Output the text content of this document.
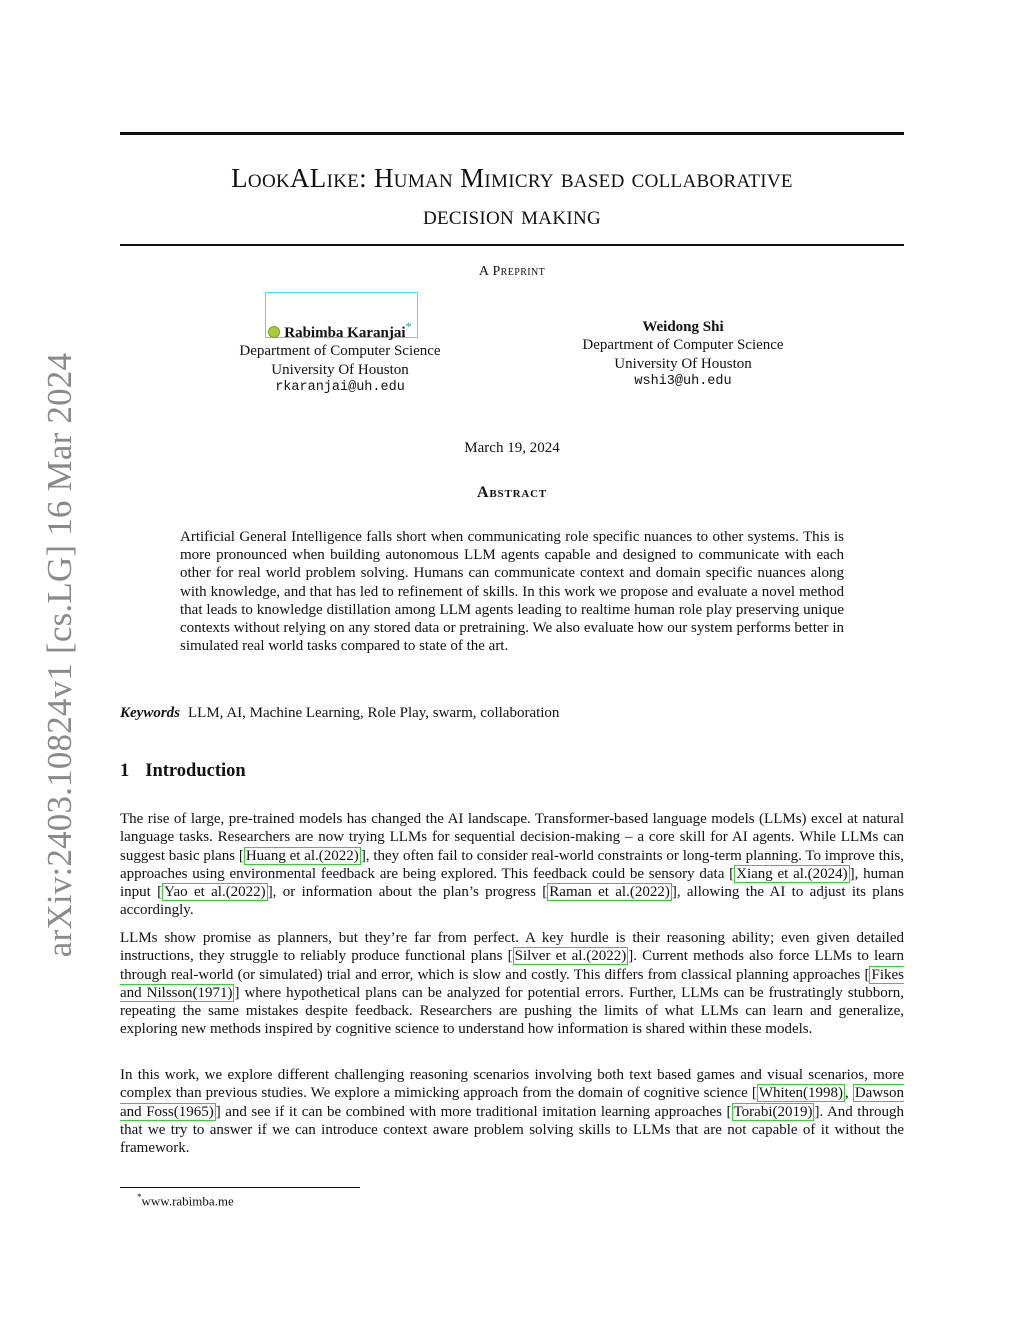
arXiv:2403.10824v1 [cs.LG] 16 Mar 2024
LookALike: Human Mimicry based collaborative
decision making
A Preprint
Rabimba Karanjai*
Department of Computer Science
University Of Houston
rkaranjai@uh.edu
Weidong Shi
Department of Computer Science
University Of Houston
wshi3@uh.edu
March 19, 2024
Abstract
Artificial General Intelligence falls short when communicating role specific nuances to other systems. This is more pronounced when building autonomous LLM agents capable and designed to communicate with each other for real world problem solving. Humans can communicate context and domain specific nuances along with knowledge, and that has led to refinement of skills. In this work we propose and evaluate a novel method that leads to knowledge distillation among LLM agents leading to realtime human role play preserving unique contexts without relying on any stored data or pretraining. We also evaluate how our system performs better in simulated real world tasks compared to state of the art.
Keywords LLM, AI, Machine Learning, Role Play, swarm, collaboration
1 Introduction
The rise of large, pre-trained models has changed the AI landscape. Transformer-based language models (LLMs) excel at natural language tasks. Researchers are now trying LLMs for sequential decision-making – a core skill for AI agents. While LLMs can suggest basic plans [ Huang et al.(2022) ], they often fail to consider real-world constraints or long-term planning. To improve this, approaches using environmental feedback are being explored. This feedback could be sensory data [ Xiang et al.(2024) ], human input [ Yao et al.(2022) ], or information about the plan’s progress [ Raman et al.(2022) ], allowing the AI to adjust its plans accordingly.
LLMs show promise as planners, but they’re far from perfect. A key hurdle is their reasoning ability; even given detailed instructions, they struggle to reliably produce functional plans [ Silver et al.(2022) ]. Current methods also force LLMs to learn through real-world (or simulated) trial and error, which is slow and costly. This differs from classical planning approaches [ Fikes and Nilsson(1971) ] where hypothetical plans can be analyzed for potential errors. Further, LLMs can be frustratingly stubborn, repeating the same mistakes despite feedback. Researchers are pushing the limits of what LLMs can learn and generalize, exploring new methods inspired by cognitive science to understand how information is shared within these models.
In this work, we explore different challenging reasoning scenarios involving both text based games and visual scenarios, more complex than previous studies. We explore a mimicking approach from the domain of cognitive science [ Whiten(1998) , Dawson and Foss(1965) ] and see if it can be combined with more traditional imitation learning approaches [ Torabi(2019) ]. And through that we try to answer if we can introduce context aware problem solving skills to LLMs that are not capable of it without the framework.
*www.rabimba.me
